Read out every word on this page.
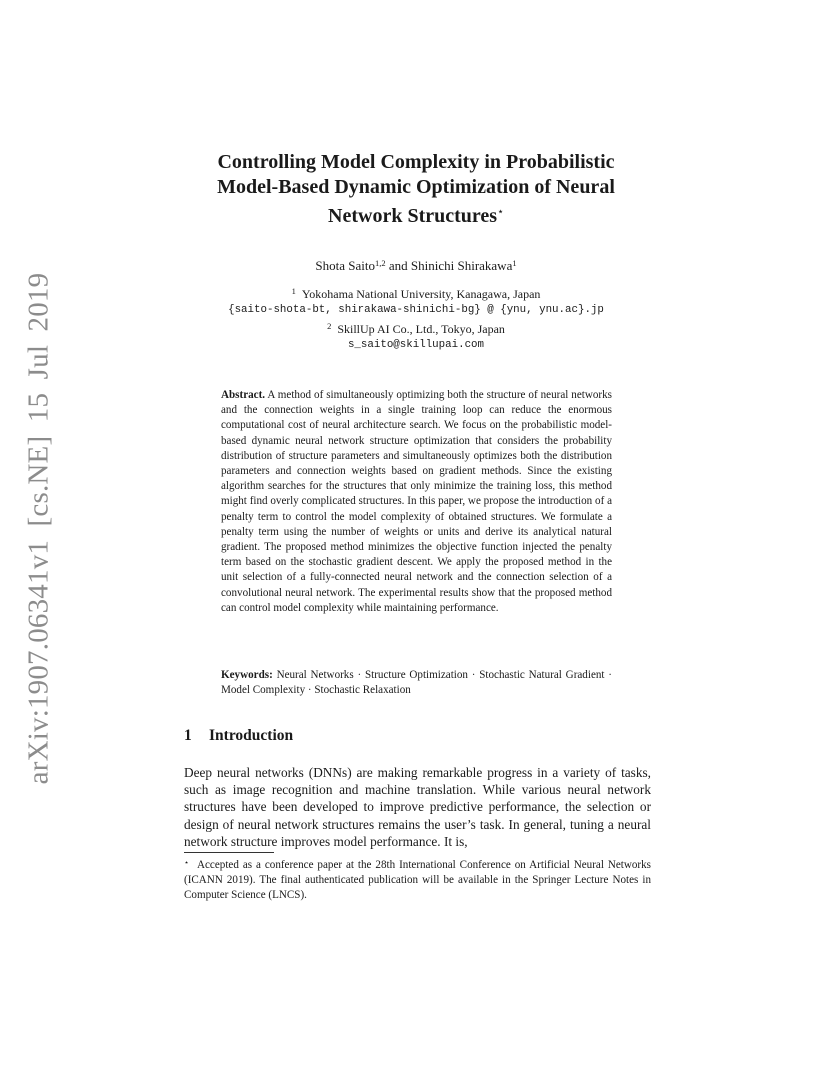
arXiv:1907.06341v1 [cs.NE] 15 Jul 2019
Controlling Model Complexity in Probabilistic
Model-Based Dynamic Optimization of Neural
Network Structures⋆
Shota Saito$^{1,2}$ and Shinichi Shirakawa$^1$
$^1$ Yokohama National University, Kanagawa, Japan
{saito-shota-bt, shirakawa-shinichi-bg} @ {ynu, ynu.ac}.jp
$^2$ SkillUp AI Co., Ltd., Tokyo, Japan
s_saito@skillupai.com
Abstract. A method of simultaneously optimizing both the structure of neural networks and the connection weights in a single training loop can reduce the enormous computational cost of neural architecture search. We focus on the probabilistic model-based dynamic neural network structure optimization that considers the probability distribution of structure parameters and simultaneously optimizes both the distribution parameters and connection weights based on gradient methods. Since the existing algorithm searches for the structures that only minimize the training loss, this method might find overly complicated structures. In this paper, we propose the introduction of a penalty term to control the model complexity of obtained structures. We formulate a penalty term using the number of weights or units and derive its analytical natural gradient. The proposed method minimizes the objective function injected the penalty term based on the stochastic gradient descent. We apply the proposed method in the unit selection of a fully-connected neural network and the connection selection of a convolutional neural network. The experimental results show that the proposed method can control model complexity while maintaining performance.
Keywords: Neural Networks · Structure Optimization · Stochastic Natural Gradient· Model Complexity · Stochastic Relaxation
1 Introduction
Deep neural networks (DNNs) are making remarkable progress in a variety of tasks, such as image recognition and machine translation. While various neural network structures have been developed to improve predictive performance, the selection or design of neural network structures remains the user’s task. In general, tuning a neural network structure improves model performance. It is,
⋆ Accepted as a conference paper at the 28th International Conference on Artificial Neural Networks (ICANN 2019). The final authenticated publication will be available in the Springer Lecture Notes in Computer Science (LNCS).
